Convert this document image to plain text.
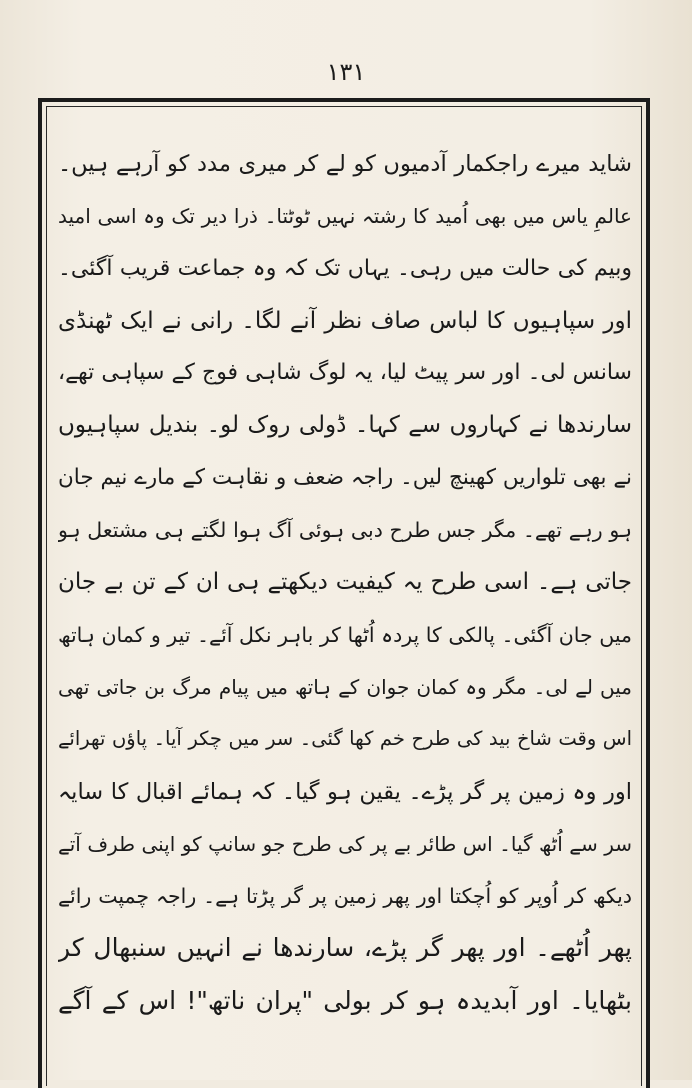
۱۳۱
شاید میرے راجکمار آدمیوں کو لے کر میری مدد کو آرہے ہیں۔
عالمِ یاس میں بھی اُمید کا رشتہ نہیں ٹوٹتا۔ ذرا دیر تک وہ اسی امید
وبیم کی حالت میں رہی۔ یہاں تک کہ وہ جماعت قریب آگئی۔
اور سپاہیوں کا لباس صاف نظر آنے لگا۔ رانی نے ایک ٹھنڈی
سانس لی۔ اور سر پیٹ لیا، یہ لوگ شاہی فوج کے سپاہی تھے،
سارندھا نے کہاروں سے کہا۔ ڈولی روک لو۔ بندیل سپاہیوں
نے بھی تلواریں کھینچ لیں۔ راجہ ضعف و نقاہت کے مارے نیم جان
ہو رہے تھے۔ مگر جس طرح دبی ہوئی آگ ہوا لگتے ہی مشتعل ہو
جاتی ہے۔ اسی طرح یہ کیفیت دیکھتے ہی ان کے تن بے جان
میں جان آگئی۔ پالکی کا پردہ اُٹھا کر باہر نکل آئے۔ تیر و کمان ہاتھ
میں لے لی۔ مگر وہ کمان جوان کے ہاتھ میں پیام مرگ بن جاتی تھی
اس وقت شاخ بید کی طرح خم کھا گئی۔ سر میں چکر آیا۔ پاؤں تھرائے
اور وہ زمین پر گر پڑے۔ یقین ہو گیا۔ کہ ہمائے اقبال کا سایہ
سر سے اُٹھ گیا۔ اس طائر بے پر کی طرح جو سانپ کو اپنی طرف آتے
دیکھ کر اُوپر کو اُچکتا اور پھر زمین پر گر پڑتا ہے۔ راجہ چمپت رائے
پھر اُٹھے۔ اور پھر گر پڑے، سارندھا نے انہیں سنبھال کر
بٹھایا۔ اور آبدیدہ ہو کر بولی "پران ناتھ"! اس کے آگے
